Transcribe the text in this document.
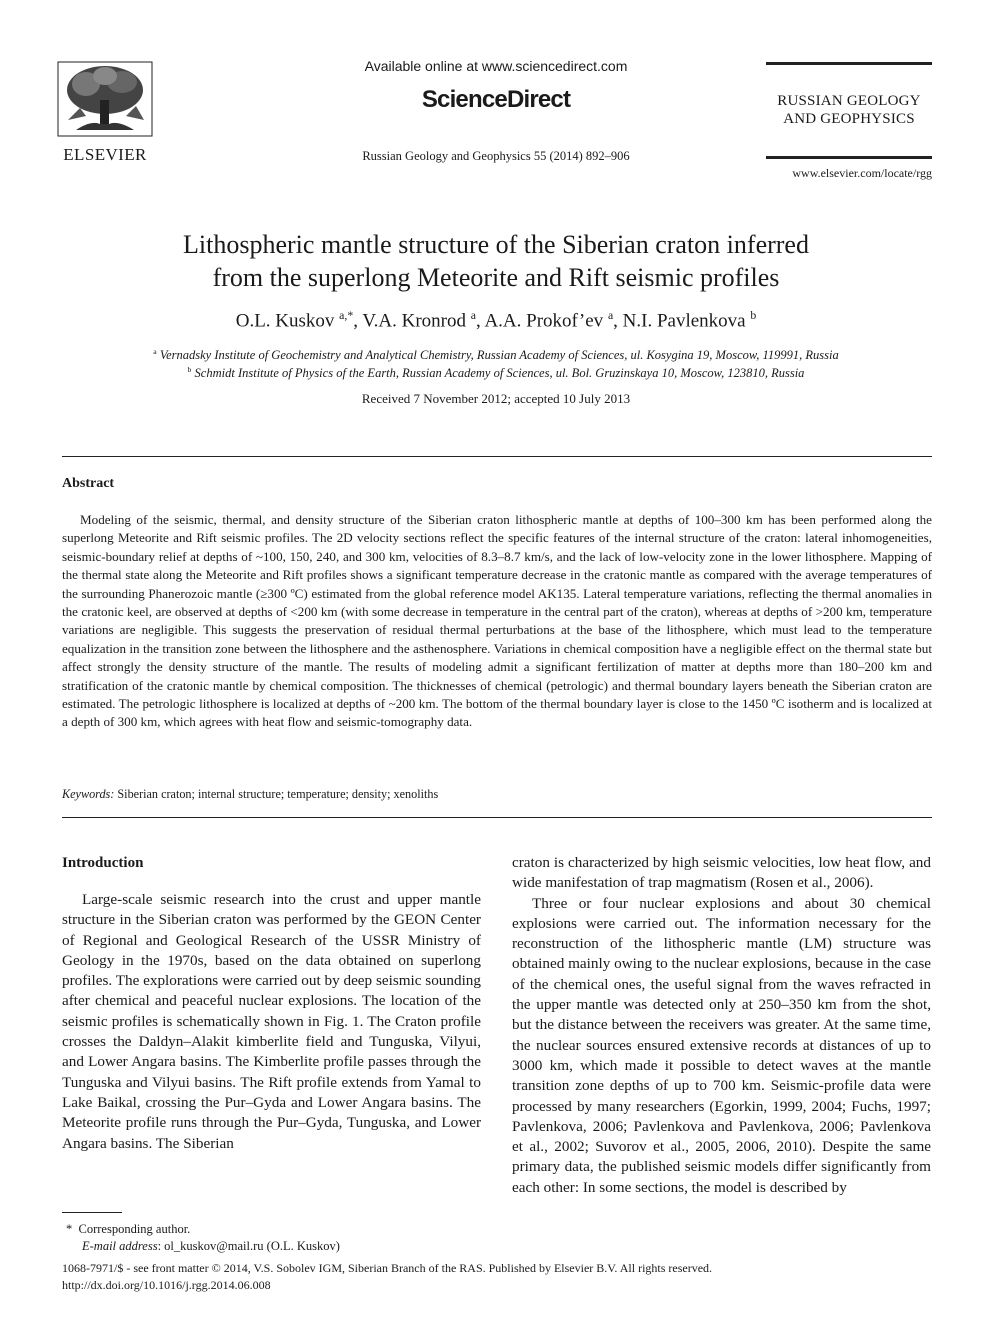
ELSEVIER
Available online at www.sciencedirect.com
ScienceDirect
Russian Geology and Geophysics 55 (2014) 892–906
RUSSIAN GEOLOGY
AND GEOPHYSICS
www.elsevier.com/locate/rgg
Lithospheric mantle structure of the Siberian craton inferred
from the superlong Meteorite and Rift seismic profiles
O.L. Kuskov $^{a,*}$, V.A. Kronrod $^a$, A.A. Prokof’ev $^a$, N.I. Pavlenkova $^b$
$^a$ Vernadsky Institute of Geochemistry and Analytical Chemistry, Russian Academy of Sciences, ul. Kosygina 19, Moscow, 119991, Russia
$^b$ Schmidt Institute of Physics of the Earth, Russian Academy of Sciences, ul. Bol. Gruzinskaya 10, Moscow, 123810, Russia
Received 7 November 2012; accepted 10 July 2013
Abstract
Modeling of the seismic, thermal, and density structure of the Siberian craton lithospheric mantle at depths of 100–300 km has been performed along the superlong Meteorite and Rift seismic profiles. The 2D velocity sections reflect the specific features of the internal structure of the craton: lateral inhomogeneities, seismic-boundary relief at depths of ~100, 150, 240, and 300 km, velocities of 8.3–8.7 km/s, and the lack of low-velocity zone in the lower lithosphere. Mapping of the thermal state along the Meteorite and Rift profiles shows a significant temperature decrease in the cratonic mantle as compared with the average temperatures of the surrounding Phanerozoic mantle (≥300 ºC) estimated from the global reference model AK135. Lateral temperature variations, reflecting the thermal anomalies in the cratonic keel, are observed at depths of <200 km (with some decrease in temperature in the central part of the craton), whereas at depths of >200 km, temperature variations are negligible. This suggests the preservation of residual thermal perturbations at the base of the lithosphere, which must lead to the temperature equalization in the transition zone between the lithosphere and the asthenosphere. Variations in chemical composition have a negligible effect on the thermal state but affect strongly the density structure of the mantle. The results of modeling admit a significant fertilization of matter at depths more than 180–200 km and stratification of the cratonic mantle by chemical composition. The thicknesses of chemical (petrologic) and thermal boundary layers beneath the Siberian craton are estimated. The petrologic lithosphere is localized at depths of ~200 km. The bottom of the thermal boundary layer is close to the 1450 ºC isotherm and is localized at a depth of 300 km, which agrees with heat flow and seismic-tomography data.
Keywords: Siberian craton; internal structure; temperature; density; xenoliths
Introduction
Large-scale seismic research into the crust and upper mantle structure in the Siberian craton was performed by the GEON Center of Regional and Geological Research of the USSR Ministry of Geology in the 1970s, based on the data obtained on superlong profiles. The explorations were carried out by deep seismic sounding after chemical and peaceful nuclear explosions. The location of the seismic profiles is schematically shown in Fig. 1. The Craton profile crosses the Daldyn–Alakit kimberlite field and Tunguska, Vilyui, and Lower Angara basins. The Kimberlite profile passes through the Tunguska and Vilyui basins. The Rift profile extends from Yamal to Lake Baikal, crossing the Pur–Gyda and Lower Angara basins. The Meteorite profile runs through the Pur–Gyda, Tunguska, and Lower Angara basins. The Siberian

craton is characterized by high seismic velocities, low heat flow, and wide manifestation of trap magmatism (Rosen et al., 2006).

Three or four nuclear explosions and about 30 chemical explosions were carried out. The information necessary for the reconstruction of the lithospheric mantle (LM) structure was obtained mainly owing to the nuclear explosions, because in the case of the chemical ones, the useful signal from the waves refracted in the upper mantle was detected only at 250–350 km from the shot, but the distance between the receivers was greater. At the same time, the nuclear sources ensured extensive records at distances of up to 3000 km, which made it possible to detect waves at the mantle transition zone depths of up to 700 km. Seismic-profile data were processed by many researchers (Egorkin, 1999, 2004; Fuchs, 1997; Pavlenkova, 2006; Pavlenkova and Pavlenkova, 2006; Pavlenkova et al., 2002; Suvorov et al., 2005, 2006, 2010). Despite the same primary data, the published seismic models differ significantly from each other: In some sections, the model is described by

* Corresponding author.
E-mail address: ol_kuskov@mail.ru (O.L. Kuskov)
1068-7971/$ - see front matter © 2014, V.S. Sobolev IGM, Siberian Branch of the RAS. Published by Elsevier B.V. All rights reserved.
http://dx.doi.org/10.1016/j.rgg.2014.06.008
